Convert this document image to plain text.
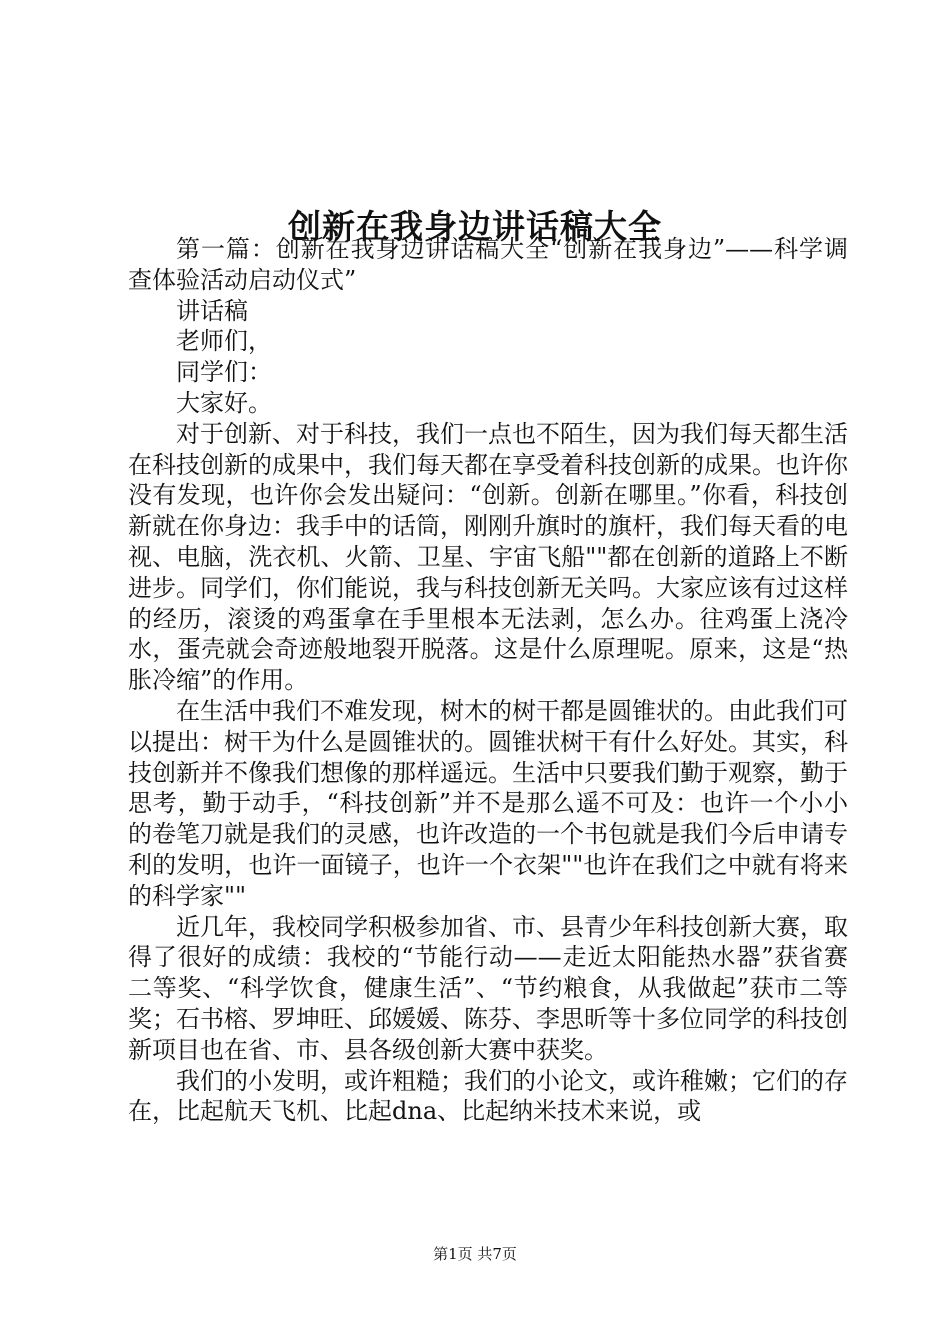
创新在我身边讲话稿大全

第一篇：创新在我身边讲话稿大全“创新在我身边”——科学调查体验活动启动仪式”

讲话稿

老师们，

同学们：

大家好。

对于创新、对于科技，我们一点也不陌生，因为我们每天都生活在科技创新的成果中，我们每天都在享受着科技创新的成果。也许你没有发现，也许你会发出疑问：“创新。创新在哪里。”你看，科技创新就在你身边：我手中的话筒，刚刚升旗时的旗杆，我们每天看的电视、电脑，洗衣机、火箭、卫星、宇宙飞船""都在创新的道路上不断进步。同学们，你们能说，我与科技创新无关吗。大家应该有过这样的经历，滚烫的鸡蛋拿在手里根本无法剥，怎么办。往鸡蛋上浇冷水，蛋壳就会奇迹般地裂开脱落。这是什么原理呢。原来，这是“热胀冷缩”的作用。

在生活中我们不难发现，树木的树干都是圆锥状的。由此我们可以提出：树干为什么是圆锥状的。圆锥状树干有什么好处。其实，科技创新并不像我们想像的那样遥远。生活中只要我们勤于观察，勤于思考，勤于动手，“科技创新”并不是那么遥不可及：也许一个小小的卷笔刀就是我们的灵感，也许改造的一个书包就是我们今后申请专利的发明，也许一面镜子，也许一个衣架""也许在我们之中就有将来的科学家""

近几年，我校同学积极参加省、市、县青少年科技创新大赛，取得了很好的成绩：我校的“节能行动——走近太阳能热水器”获省赛二等奖、“科学饮食，健康生活”、“节约粮食，从我做起”获市二等奖；石书榕、罗坤旺、邱媛媛、陈芬、李思昕等十多位同学的科技创新项目也在省、市、县各级创新大赛中获奖。

我们的小发明，或许粗糙；我们的小论文，或许稚嫩；它们的存在，比起航天飞机、比起dna、比起纳米技术来说，或

第1页 共7页
